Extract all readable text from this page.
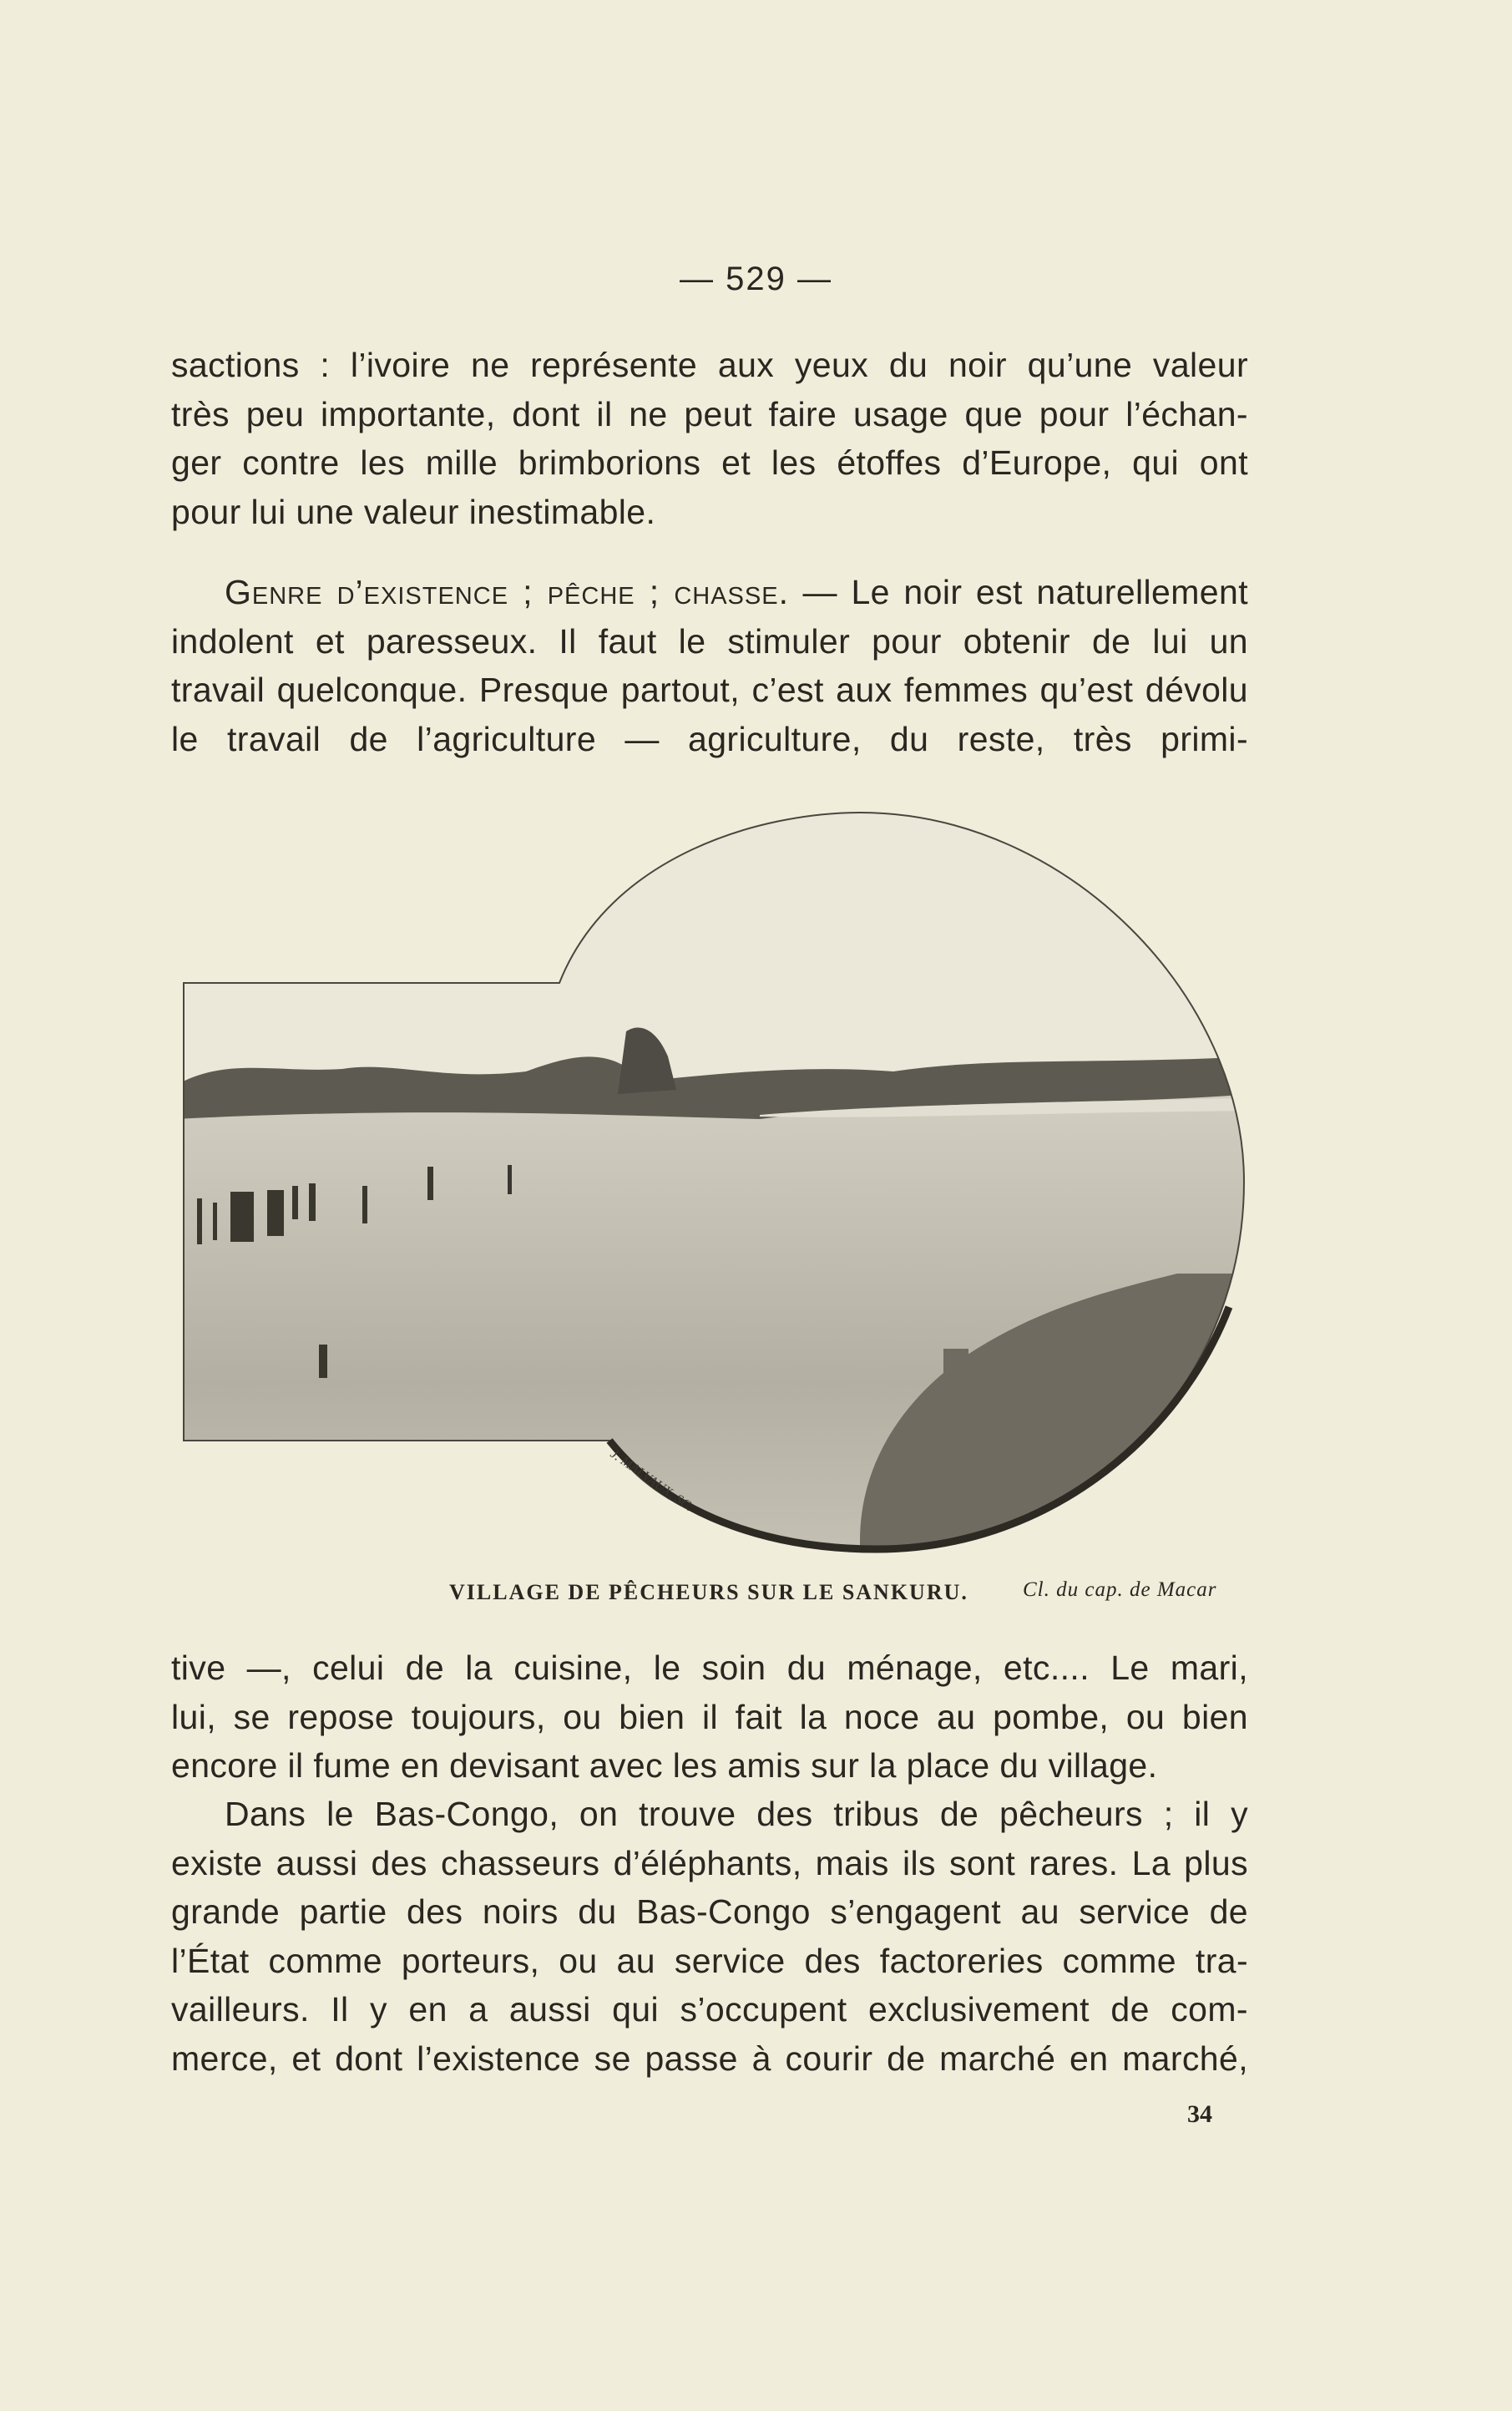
— 529 —
sactions : l’ivoire ne représente aux yeux du noir qu’une valeur
très peu importante, dont il ne peut faire usage que pour l’échan-
ger contre les mille brimborions et les étoffes d’Europe, qui ont
pour lui une valeur inestimable.
Genre d’existence ; pêche ; chasse. — Le noir est naturellement
indolent et paresseux. Il faut le stimuler pour obtenir de lui un
travail quelconque. Presque partout, c’est aux femmes qu’est dévolu
le travail de l’agriculture — agriculture, du reste, très primi-
J. MALVAUX, SC.
VILLAGE DE PÊCHEURS SUR LE SANKURU.	Cl. du cap. de Macar
tive —, celui de la cuisine, le soin du ménage, etc.... Le mari,
lui, se repose toujours, ou bien il fait la noce au pombe, ou bien
encore il fume en devisant avec les amis sur la place du village.
Dans le Bas-Congo, on trouve des tribus de pêcheurs ; il y
existe aussi des chasseurs d’éléphants, mais ils sont rares. La plus
grande partie des noirs du Bas-Congo s’engagent au service de
l’État comme porteurs, ou au service des factoreries comme tra-
vailleurs. Il y en a aussi qui s’occupent exclusivement de com-
merce, et dont l’existence se passe à courir de marché en marché,
34
